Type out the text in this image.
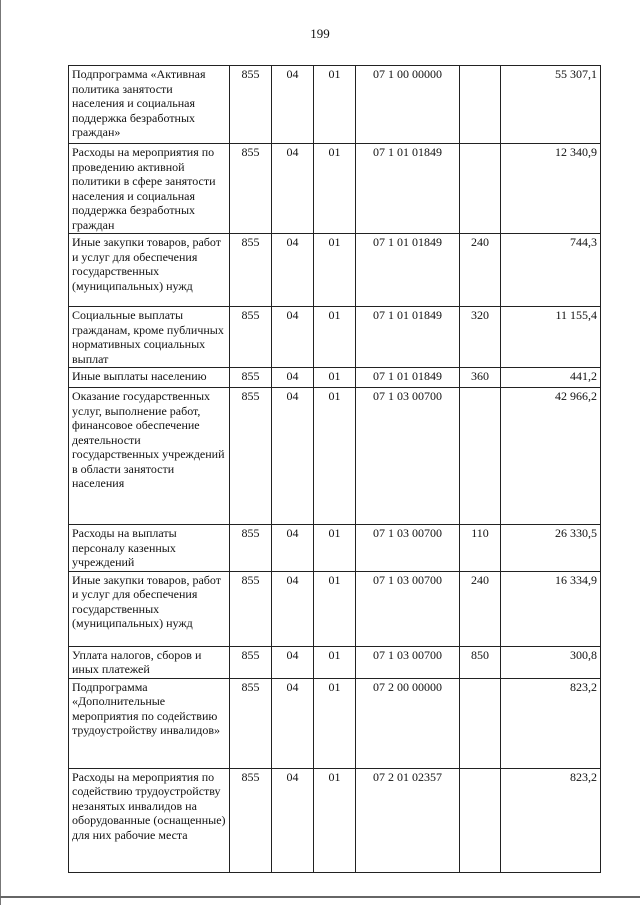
199
Подпрограмма «Активная политика занятости населения и социальная поддержка безработных граждан»	855	04	01	07 1 00 00000		55 307,1
Расходы на мероприятия по проведению активной политики в сфере занятости населения и социальная поддержка безработных граждан	855	04	01	07 1 01 01849		12 340,9
Иные закупки товаров, работ и услуг для обеспечения государственных (муниципальных) нужд	855	04	01	07 1 01 01849	240	744,3
Социальные выплаты гражданам, кроме публичных нормативных социальных выплат	855	04	01	07 1 01 01849	320	11 155,4
Иные выплаты населению	855	04	01	07 1 01 01849	360	441,2
Оказание государственных услуг, выполнение работ, финансовое обеспечение деятельности государственных учреждений в области занятости населения	855	04	01	07 1 03 00700		42 966,2
Расходы на выплаты персоналу казенных учреждений	855	04	01	07 1 03 00700	110	26 330,5
Иные закупки товаров, работ и услуг для обеспечения государственных (муниципальных) нужд	855	04	01	07 1 03 00700	240	16 334,9
Уплата налогов, сборов и иных платежей	855	04	01	07 1 03 00700	850	300,8
Подпрограмма «Дополнительные мероприятия по содействию трудоустройству инвалидов»	855	04	01	07 2 00 00000		823,2
Расходы на мероприятия по содействию трудоустройству незанятых инвалидов на оборудованные (оснащенные) для них рабочие места	855	04	01	07 2 01 02357		823,2
